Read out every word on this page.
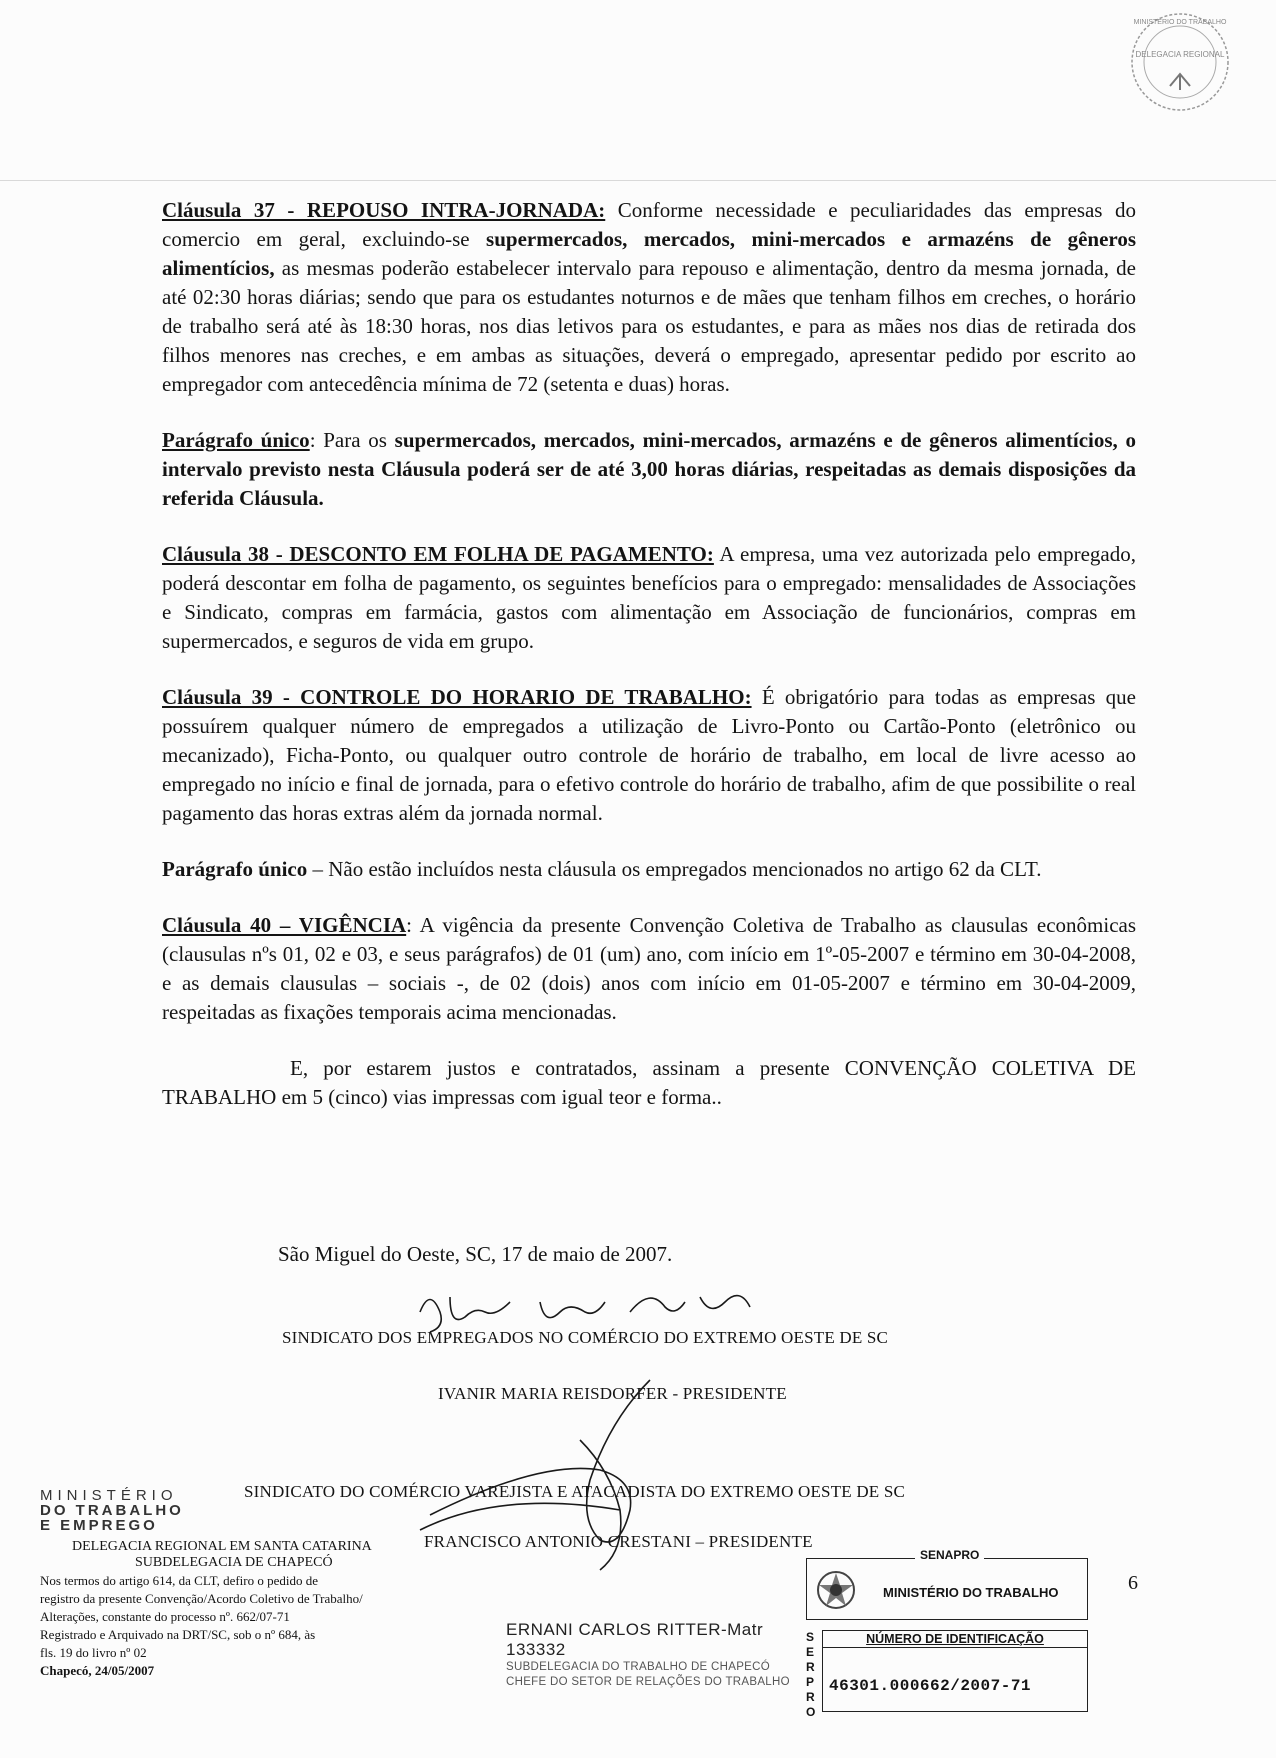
DELEGACIA REGIONAL
MINISTÉRIO DO TRABALHO

Cláusula 37 - REPOUSO INTRA-JORNADA: Conforme necessidade e peculiaridades das empresas do comercio em geral, excluindo-se supermercados, mercados, mini-mercados e armazéns de gêneros alimentícios, as mesmas poderão estabelecer intervalo para repouso e alimentação, dentro da mesma jornada, de até 02:30 horas diárias; sendo que para os estudantes noturnos e de mães que tenham filhos em creches, o horário de trabalho será até às 18:30 horas, nos dias letivos para os estudantes, e para as mães nos dias de retirada dos filhos menores nas creches, e em ambas as situações, deverá o empregado, apresentar pedido por escrito ao empregador com antecedência mínima de 72 (setenta e duas) horas.

Parágrafo único: Para os supermercados, mercados, mini-mercados, armazéns e de gêneros alimentícios, o intervalo previsto nesta Cláusula poderá ser de até 3,00 horas diárias, respeitadas as demais disposições da referida Cláusula.

Cláusula 38 - DESCONTO EM FOLHA DE PAGAMENTO: A empresa, uma vez autorizada pelo empregado, poderá descontar em folha de pagamento, os seguintes benefícios para o empregado: mensalidades de Associações e Sindicato, compras em farmácia, gastos com alimentação em Associação de funcionários, compras em supermercados, e seguros de vida em grupo.

Cláusula 39 - CONTROLE DO HORARIO DE TRABALHO: É obrigatório para todas as empresas que possuírem qualquer número de empregados a utilização de Livro-Ponto ou Cartão-Ponto (eletrônico ou mecanizado), Ficha-Ponto, ou qualquer outro controle de horário de trabalho, em local de livre acesso ao empregado no início e final de jornada, para o efetivo controle do horário de trabalho, afim de que possibilite o real pagamento das horas extras além da jornada normal.

Parágrafo único – Não estão incluídos nesta cláusula os empregados mencionados no artigo 62 da CLT.

Cláusula 40 – VIGÊNCIA: A vigência da presente Convenção Coletiva de Trabalho as clausulas econômicas (clausulas nºs 01, 02 e 03, e seus parágrafos) de 01 (um) ano, com início em 1º-05-2007 e término em 30-04-2008, e as demais clausulas – sociais -, de 02 (dois) anos com início em 01-05-2007 e término em 30-04-2009, respeitadas as fixações temporais acima mencionadas.

E, por estarem justos e contratados, assinam a presente CONVENÇÃO COLETIVA DE TRABALHO em 5 (cinco) vias impressas com igual teor e forma..

São Miguel do Oeste, SC, 17 de maio de 2007.
SINDICATO DOS EMPREGADOS NO COMÉRCIO DO EXTREMO OESTE DE SC
IVANIR MARIA REISDORFER - PRESIDENTE
SINDICATO DO COMÉRCIO VAREJISTA E ATACADISTA DO EXTREMO OESTE DE SC
FRANCISCO ANTONIO CRESTANI – PRESIDENTE
6
MINISTÉRIO
DO TRABALHO
E EMPREGO
DELEGACIA REGIONAL EM SANTA CATARINA
SUBDELEGACIA DE CHAPECÓ
Nos termos do artigo 614, da CLT, defiro o pedido de
registro da presente Convenção/Acordo Coletivo de Trabalho/
Alterações, constante do processo nº. 662/07-71
Registrado e Arquivado na DRT/SC, sob o nº 684, às
fls. 19 do livro nº 02
Chapecó, 24/05/2007
ERNANI CARLOS RITTER-Matr 133332
SUBDELEGACIA DO TRABALHO DE CHAPECÓ
CHEFE DO SETOR DE RELAÇÕES DO TRABALHO
SENAPRO
MINISTÉRIO DO TRABALHO
S
E
R
P
R
O
NÚMERO DE IDENTIFICAÇÃO
46301.000662/2007-71
